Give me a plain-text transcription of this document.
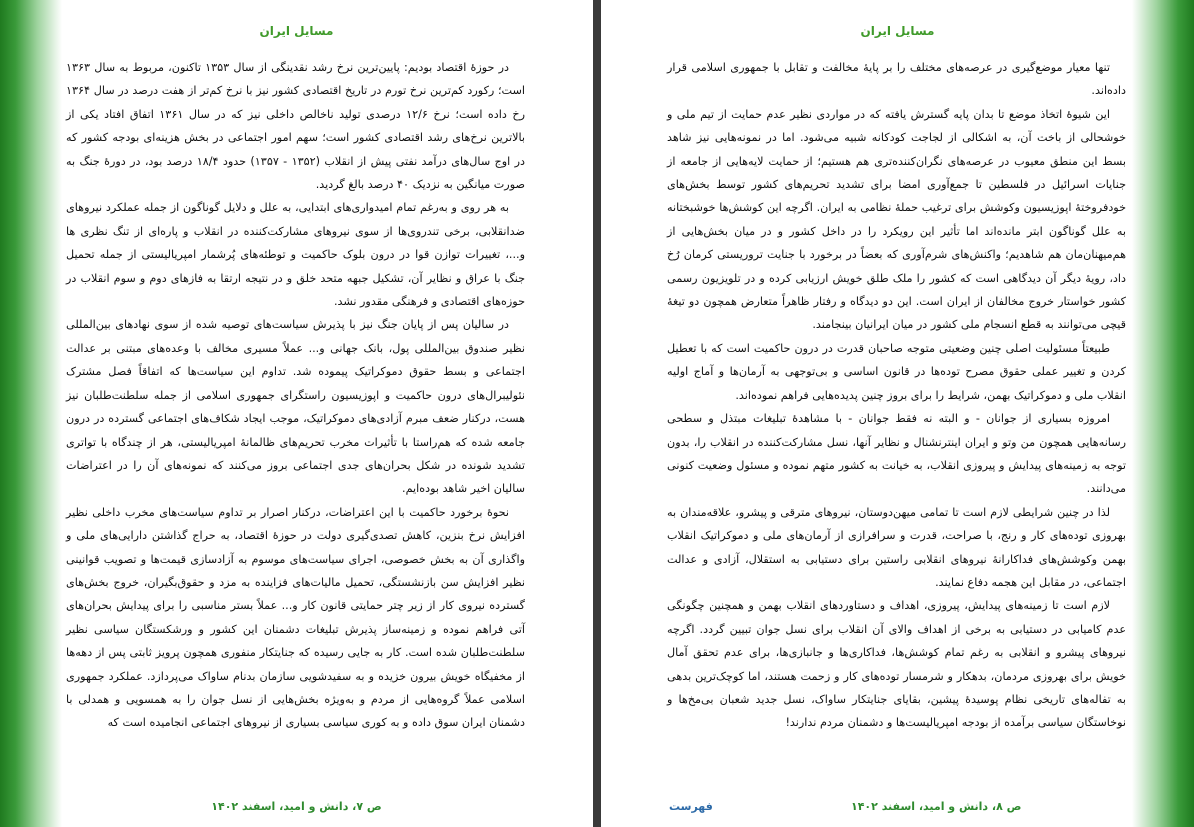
مسایل ایران

در حوزۀ اقتصاد بودیم: پایین‌ترین نرخ رشد نقدینگی از سال ۱۳۵۳ تاکنون، مربوط به سال ۱۳۶۳ است؛ رکورد کم‌ترین نرخ تورم در تاریخ اقتصادی کشور نیز با نرخ کم‌تر از هفت درصد در سال ۱۳۶۴ رخ داده است؛ نرخ ۱۲/۶ درصدی تولید ناخالص داخلی نیز که در سال ۱۳۶۱ اتفاق افتاد یکی از بالاترین نرخ‌های رشد اقتصادی کشور است؛ سهم امور اجتماعی در بخش هزینه‌ای بودجه کشور که در اوج سال‌های درآمد نفتی پیش از انقلاب (۱۳۵۲ - ۱۳۵۷) حدود ۱۸/۴ درصد بود، در دورۀ جنگ به صورت میانگین به نزدیک ۴۰ درصد بالغ گردید.

به هر روی و به‌رغم تمام امیدواری‌های ابتدایی، به علل و دلایل گوناگون از جمله عملکرد نیروهای ضدانقلابی، برخی تندروی‌ها از سوی نیروهای مشارکت‌کننده در انقلاب و پاره‌ای از تنگ نظری ها و...، تغییرات توازن قوا در درون بلوک حاکمیت و توطئه‌های پُرشمار امپریالیستی از جمله تحمیل جنگ با عراق و نظایر آن، تشکیل جبهه متحد خلق و در نتیجه ارتقا به فازهای دوم و سوم انقلاب در حوزه‌های اقتصادی و فرهنگی مقدور نشد.

در سالیان پس از پایان جنگ نیز با پذیرش سیاست‌های توصیه شده از سوی نهادهای بین‌المللی نظیر صندوق بین‌المللی پول، بانک جهانی و... عملاً مسیری مخالف با وعده‌های مبتنی بر عدالت اجتماعی و بسط حقوق دموکراتیک پیموده شد. تداوم این سیاست‌ها که اتفاقاً فصل مشترک نئولیبرال‌های درون حاکمیت و اپوزیسیون راستگرای جمهوری اسلامی از جمله سلطنت‌طلبان نیز هست، درکنار ضعف مبرم آزادی‌های دموکراتیک، موجب ایجاد شکاف‌های اجتماعی گسترده در درون جامعه شده که هم‌راستا با تأثیرات مخرب تحریم‌های ظالمانۀ امپریالیستی، هر از چندگاه با تواتری تشدید شونده در شکل بحران‌های جدی اجتماعی بروز می‌کنند که نمونه‌های آن را در اعتراضات سالیان اخیر شاهد بوده‌ایم.

نحوۀ برخورد حاکمیت با این اعتراضات، درکنار اصرار بر تداوم سیاست‌های مخرب داخلی نظیر افزایش نرخ بنزین، کاهش تصدی‌گیری دولت در حوزۀ اقتصاد، به حراج گذاشتن دارایی‌های ملی و واگذاری آن به بخش خصوصی، اجرای سیاست‌های موسوم به آزادسازی قیمت‌ها و تصویب قوانینی نظیر افزایش سن بازنشستگی، تحمیل مالیات‌های فزاینده به مزد و حقوق‌بگیران، خروج بخش‌های گسترده نیروی کار از زیر چتر حمایتی قانون کار و... عملاً بستر مناسبی را برای پیدایش بحران‌های آتی فراهم نموده و زمینه‌ساز پذیرش تبلیغات دشمنان این کشور و ورشکستگان سیاسی نظیر سلطنت‌طلبان شده است. کار به جایی رسیده که جنایتکار منفوری همچون پرویز ثابتی پس از دهه‌ها از مخفیگاه خویش بیرون خزیده و به سفیدشویی سازمان بدنام ساواک می‌پردازد. عملکرد جمهوری اسلامی عملاً گروه‌هایی از مردم و به‌ویژه بخش‌هایی از نسل جوان را به همسویی و همدلی با دشمنان ایران سوق داده و به کوری سیاسی بسیاری از نیروهای اجتماعی انجامیده است که

ص ۷، دانش و امید، اسفند ۱۴۰۲
مسایل ایران

تنها معیار موضع‌گیری در عرصه‌های مختلف را بر پایۀ مخالفت و تقابل با جمهوری اسلامی قرار داده‌اند.

این شیوۀ اتخاذ موضع تا بدان پایه گسترش یافته که در مواردی نظیر عدم حمایت از تیم ملی و خوشحالی از باخت آن، به اشکالی از لجاجت کودکانه شبیه می‌شود. اما در نمونه‌هایی نیز شاهد بسط این منطق معیوب در عرصه‌های نگران‌کننده‌تری هم هستیم؛ از حمایت لایه‌هایی از جامعه از جنایات اسرائیل در فلسطین تا جمع‌آوری امضا برای تشدید تحریم‌های کشور توسط بخش‌های خودفروختۀ اپوزیسیون وکوشش برای ترغیب حملۀ نظامی به ایران. اگرچه این کوشش‌ها خوشبختانه به علل گوناگون ابتر مانده‌اند اما تأثیر این رویکرد را در داخل کشور و در میان بخش‌هایی از هم‌میهنان‌مان هم شاهدیم؛ واکنش‌های شرم‌آوری که بعضاً در برخورد با جنایت تروریستی کرمان رُخ داد، رویۀ دیگر آن دیدگاهی است که کشور را ملک طلق خویش ارزیابی کرده و در تلویزیون رسمی کشور خواستار خروج مخالفان از ایران است. این دو دیدگاه و رفتار ظاهراً متعارض همچون دو تیغۀ قیچی می‌توانند به قطع انسجام ملی کشور در میان ایرانیان بینجامند.

طبیعتاً مسئولیت اصلی چنین وضعیتی متوجه صاحبان قدرت در درون حاکمیت است که با تعطیل کردن و تغییر عملی حقوق مصرح توده‌ها در قانون اساسی و بی‌توجهی به آرمان‌ها و آماج اولیه انقلاب ملی و دموکراتیک بهمن، شرایط را برای بروز چنین پدیده‌هایی فراهم نموده‌اند.

امروزه بسیاری از جوانان - و البته نه فقط جوانان - با مشاهدۀ تبلیغات مبتذل و سطحی رسانه‌هایی همچون من وتو و ایران اینترنشنال و نظایر آنها، نسل مشارکت‌کننده در انقلاب را، بدون توجه به زمینه‌های پیدایش و پیروزی انقلاب، به خیانت به کشور متهم نموده و مسئول وضعیت کنونی می‌دانند.

لذا در چنین شرایطی لازم است تا تمامی میهن‌دوستان، نیروهای مترقی و پیشرو، علاقه‌مندان به بهروزی توده‌های کار و رنج، با صراحت، قدرت و سرافرازی از آرمان‌های ملی و دموکراتیک انقلاب بهمن وکوشش‌های فداکارانۀ نیروهای انقلابی راستین برای دستیابی به استقلال، آزادی و عدالت اجتماعی، در مقابل این هجمه دفاع نمایند.

لازم است تا زمینه‌های پیدایش، پیروزی، اهداف و دستاوردهای انقلاب بهمن و همچنین چگونگی عدم کامیابی در دستیابی به برخی از اهداف والای آن انقلاب برای نسل جوان تبیین گردد. اگرچه نیروهای پیشرو و انقلابی به رغم تمام کوشش‌ها، فداکاری‌ها و جانبازی‌ها، برای عدم تحقق آمال خویش برای بهروزی مردمان، بدهکار و شرمسار توده‌های کار و زحمت هستند، اما کوچک‌ترین بدهی به تفاله‌های تاریخی نظام پوسیدۀ پیشین، بقایای جنایتکار ساواک، نسل جدید شعبان بی‌مخ‌ها و نوخاستگان سیاسی برآمده از بودجه امپریالیست‌ها و دشمنان مردم ندارند!

فهرست	ص ۸، دانش و امید، اسفند ۱۴۰۲
